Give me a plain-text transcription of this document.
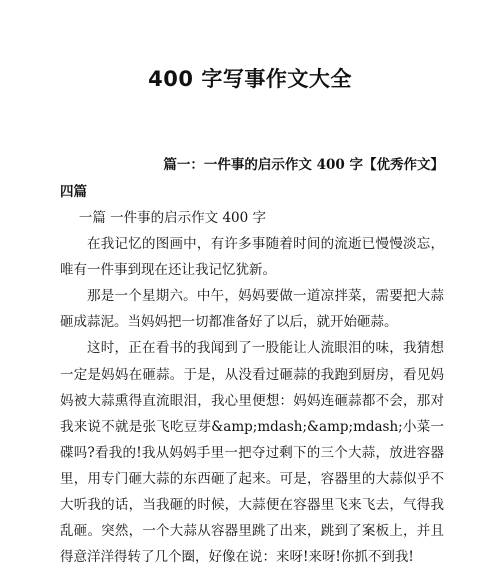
400 字写事作文大全
篇一：一件事的启示作文 400 字【优秀作文】
四篇

一篇 一件事的启示作文 400 字

在我记忆的图画中，有许多事随着时间的流逝已慢慢淡忘，唯有一件事到现在还让我记忆犹新。

那是一个星期六。中午，妈妈要做一道凉拌菜，需要把大蒜砸成蒜泥。当妈妈把一切都准备好了以后，就开始砸蒜。

这时，正在看书的我闻到了一股能让人流眼泪的味，我猜想一定是妈妈在砸蒜。于是，从没看过砸蒜的我跑到厨房，看见妈妈被大蒜熏得直流眼泪，我心里便想：妈妈连砸蒜都不会，那对我来说不就是张飞吃豆芽&amp;mdash;&amp;mdash;小菜一碟吗?看我的!我从妈妈手里一把夺过剩下的三个大蒜，放进容器里，用专门砸大蒜的东西砸了起来。可是，容器里的大蒜似乎不大听我的话，当我砸的时候，大蒜便在容器里飞来飞去，气得我乱砸。突然，一个大蒜从容器里跳了出来，跳到了案板上，并且得意洋洋得转了几个圈，好像在说：来呀!来呀!你抓不到我!
